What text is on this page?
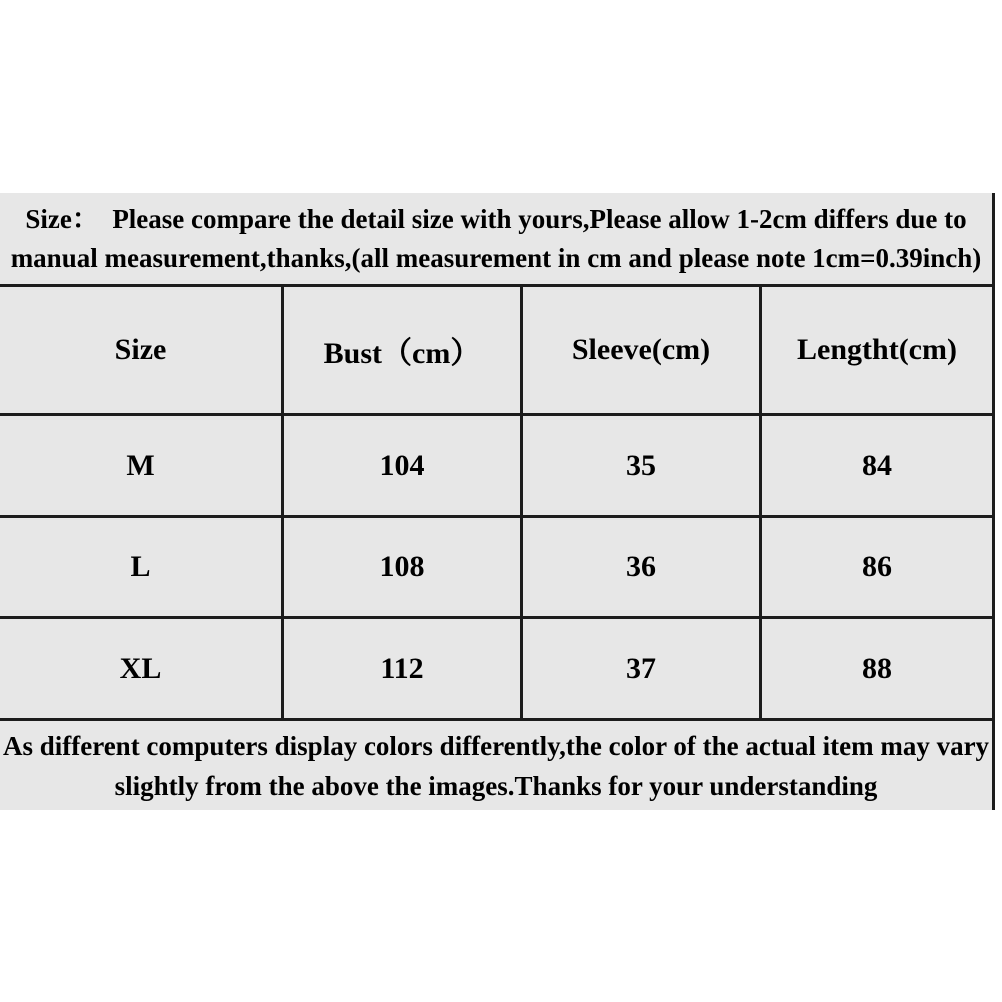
Size：  Please compare the detail size with yours,Please allow 1-2cm differs due to
manual measurement,thanks,(all measurement in cm and please note 1cm=0.39inch)
Size	Bust（cm）	Sleeve(cm)	Lengtht(cm)
M	104	35	84
L	108	36	86
XL	112	37	88
As different computers display colors differently,the color of the actual item may vary
slightly from the above the images.Thanks for your understanding
